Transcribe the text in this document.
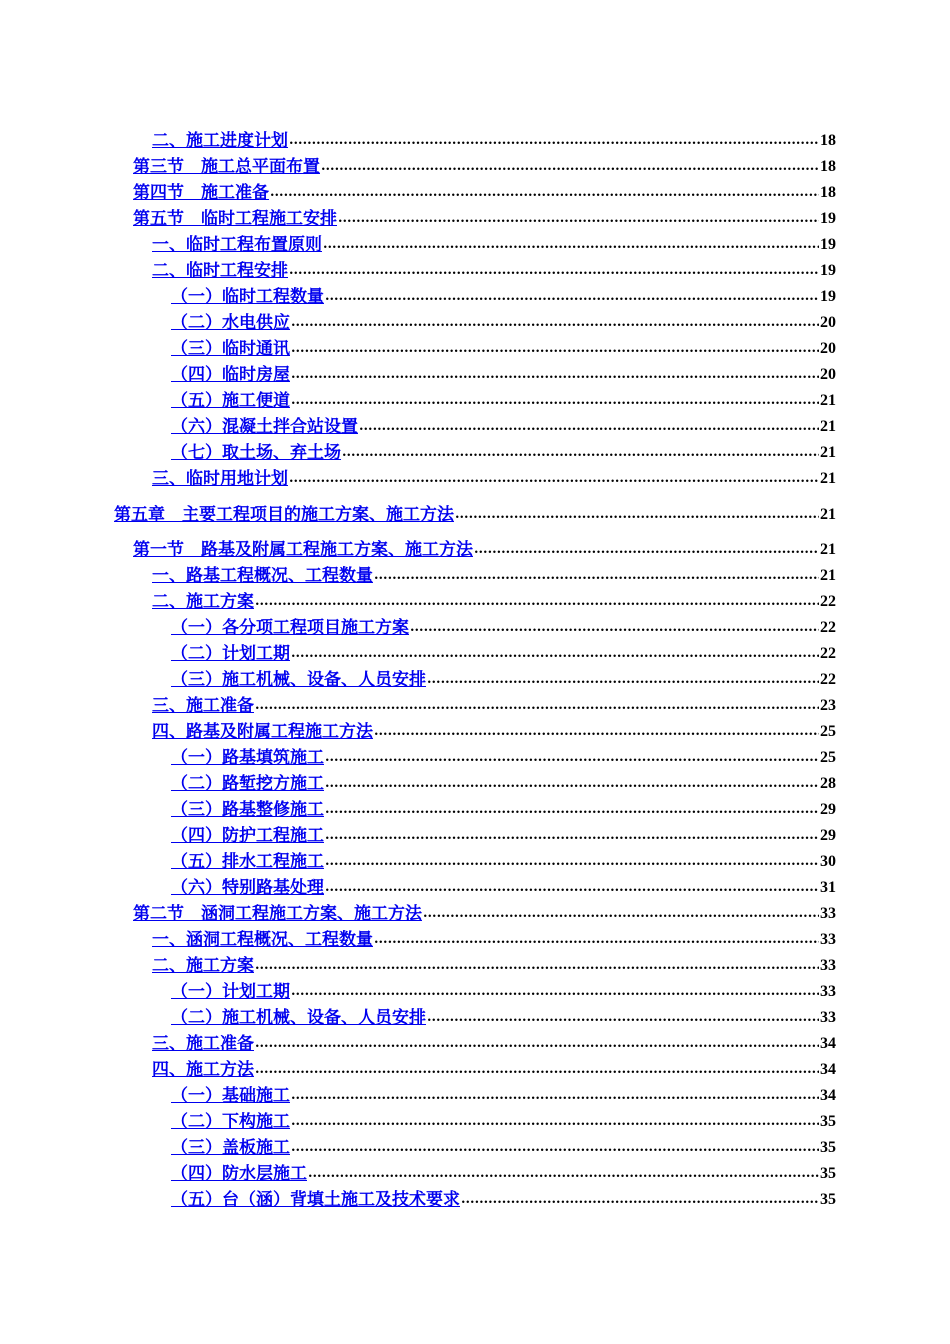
二、施工进度计划 .....	18
第三节　施工总平面布置 .....	18
第四节　施工准备 .....	18
第五节　临时工程施工安排 .....	19
一、临时工程布置原则 .....	19
二、临时工程安排 .....	19
（一）临时工程数量 .....	19
（二）水电供应 .....	20
（三）临时通讯 .....	20
（四）临时房屋 .....	20
（五）施工便道 .....	21
（六）混凝土拌合站设置 .....	21
（七）取土场、弃土场 .....	21
三、临时用地计划 .....	21
第五章　主要工程项目的施工方案、施工方法 .....	21
第一节　路基及附属工程施工方案、施工方法 .....	21
一、路基工程概况、工程数量 .....	21
二、施工方案 .....	22
（一）各分项工程项目施工方案 .....	22
（二）计划工期 .....	22
（三）施工机械、设备、人员安排 .....	22
三、施工准备 .....	23
四、路基及附属工程施工方法 .....	25
（一）路基填筑施工 .....	25
（二）路堑挖方施工 .....	28
（三）路基整修施工 .....	29
（四）防护工程施工 .....	29
（五）排水工程施工 .....	30
（六）特别路基处理 .....	31
第二节　涵洞工程施工方案、施工方法 .....	33
一、涵洞工程概况、工程数量 .....	33
二、施工方案 .....	33
（一）计划工期 .....	33
（二）施工机械、设备、人员安排 .....	33
三、施工准备 .....	34
四、施工方法 .....	34
（一）基础施工 .....	34
（二）下构施工 .....	35
（三）盖板施工 .....	35
（四）防水层施工 .....	35
（五）台（涵）背填土施工及技术要求 .....	35
